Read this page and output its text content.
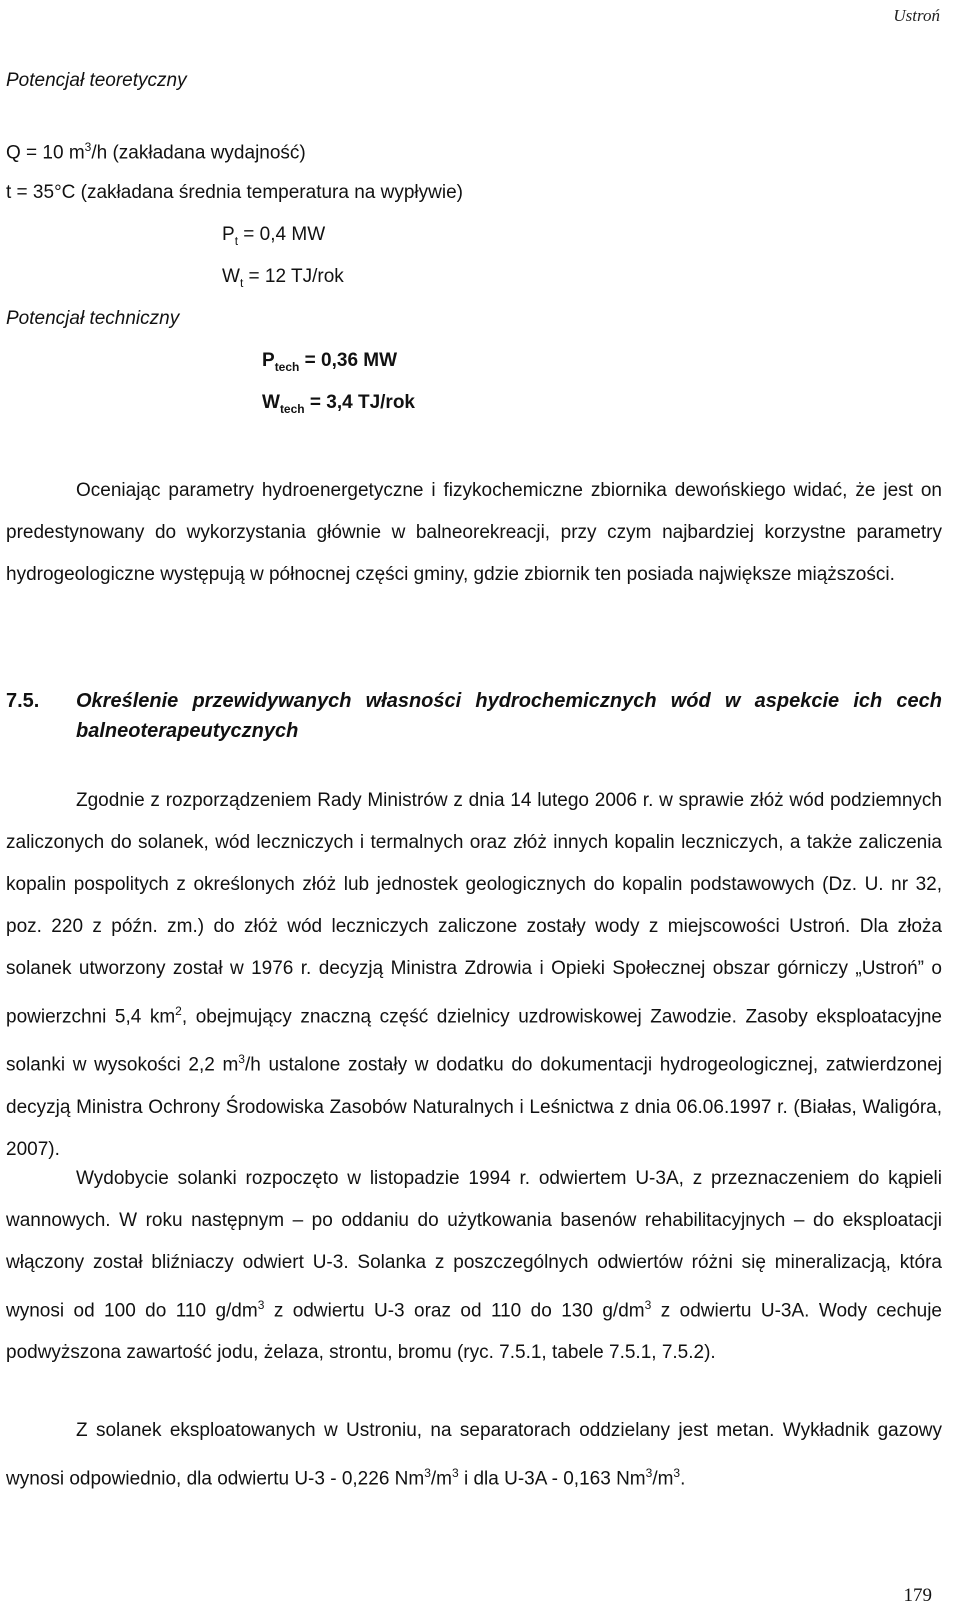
Ustroń
Potencjał teoretyczny
Q = 10 $m^3/h$ (zakładana wydajność)
t = 35°C (zakładana średnia temperatura na wypływie)
$P_t = 0,4$ MW
$W_t = 12$ TJ/rok
Potencjał techniczny
$P_{tech} = 0,36$ MW
$W_{tech} = 3,4$ TJ/rok
Oceniając parametry hydroenergetyczne i fizykochemiczne zbiornika dewońskiego widać, że jest on predestynowany do wykorzystania głównie w balneorekreacji, przy czym najbardziej korzystne parametry hydrogeologiczne występują w północnej części gminy, gdzie zbiornik ten posiada największe miąższości.
7.5.	Określenie przewidywanych własności hydrochemicznych wód w aspekcie ich cech balneoterapeutycznych
Zgodnie z rozporządzeniem Rady Ministrów z dnia 14 lutego 2006 r. w sprawie złóż wód podziemnych zaliczonych do solanek, wód leczniczych i termalnych oraz złóż innych kopalin leczniczych, a także zaliczenia kopalin pospolitych z określonych złóż lub jednostek geologicznych do kopalin podstawowych (Dz. U. nr 32, poz. 220 z późn. zm.) do złóż wód leczniczych zaliczone zostały wody z miejscowości Ustroń. Dla złoża solanek utworzony został w 1976 r. decyzją Ministra Zdrowia i Opieki Społecznej obszar górniczy „Ustroń” o powierzchni 5,4 $km^2$, obejmujący znaczną część dzielnicy uzdrowiskowej Zawodzie. Zasoby eksploatacyjne solanki w wysokości 2,2 $m^3/h$ ustalone zostały w dodatku do dokumentacji hydrogeologicznej, zatwierdzonej decyzją Ministra Ochrony Środowiska Zasobów Naturalnych i Leśnictwa z dnia 06.06.1997 r. (Białas, Waligóra, 2007).
Wydobycie solanki rozpoczęto w listopadzie 1994 r. odwiertem U-3A, z przeznaczeniem do kąpieli wannowych. W roku następnym – po oddaniu do użytkowania basenów rehabilitacyjnych – do eksploatacji włączony został bliźniaczy odwiert U-3. Solanka z poszczególnych odwiertów różni się mineralizacją, która wynosi od 100 do 110 $g/dm^3$ z odwiertu U-3 oraz od 110 do 130 $g/dm^3$ z odwiertu U-3A. Wody cechuje podwyższona zawartość jodu, żelaza, strontu, bromu (ryc. 7.5.1, tabele 7.5.1, 7.5.2).
Z solanek eksploatowanych w Ustroniu, na separatorach oddzielany jest metan. Wykładnik gazowy wynosi odpowiednio, dla odwiertu U-3 - 0,226 $Nm^3/m^3$ i dla U-3A - 0,163 $Nm^3/m^3$.
179
